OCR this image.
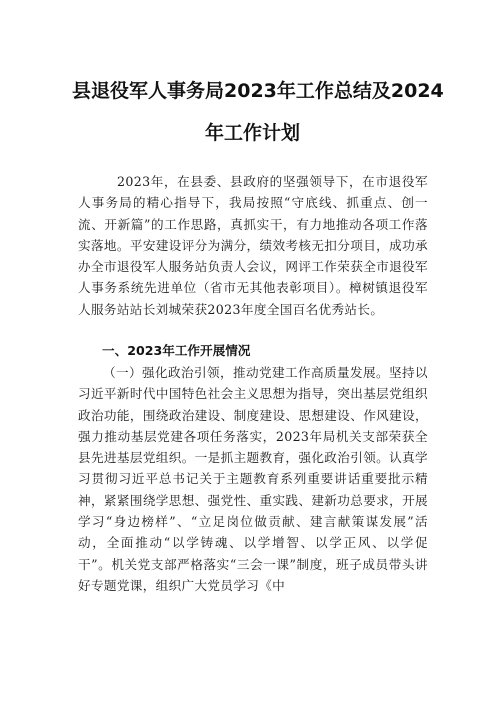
县退役军人事务局2023年工作总结及2024
年工作计划

2023年，在县委、县政府的坚强领导下，在市退役军人事务局的精心指导下，我局按照“守底线、抓重点、创一流、开新篇”的工作思路，真抓实干，有力地推动各项工作落实落地。平安建设评分为满分，绩效考核无扣分项目，成功承办全市退役军人服务站负责人会议，网评工作荣获全市退役军人事务系统先进单位（省市无其他表彰项目）。樟树镇退役军人服务站站长刘城荣获2023年度全国百名优秀站长。

一、2023年工作开展情况

（一）强化政治引领，推动党建工作高质量发展。坚持以习近平新时代中国特色社会主义思想为指导，突出基层党组织政治功能，围绕政治建设、制度建设、思想建设、作风建设，强力推动基层党建各项任务落实，2023年局机关支部荣获全县先进基层党组织。一是抓主题教育，强化政治引领。认真学习贯彻习近平总书记关于主题教育系列重要讲话重要批示精神，紧紧围绕学思想、强党性、重实践、建新功总要求，开展学习“身边榜样”、“立足岗位做贡献、建言献策谋发展”活动，全面推动“以学铸魂、以学增智、以学正风、以学促干”。机关党支部严格落实“三会一课”制度，班子成员带头讲好专题党课，组织广大党员学习《中
